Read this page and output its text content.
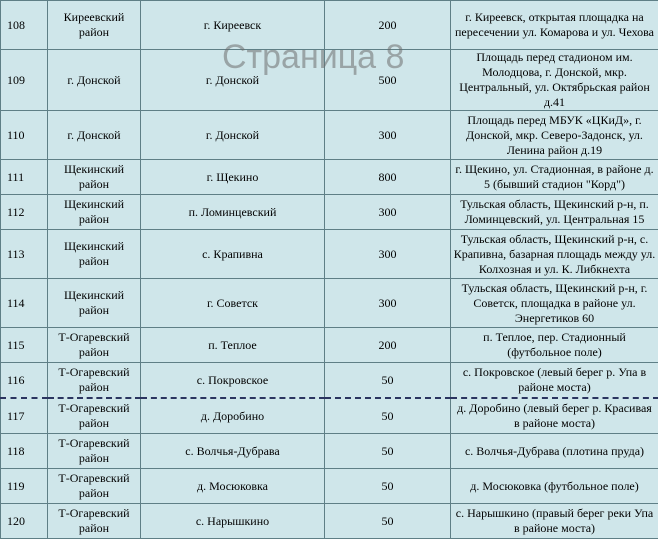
108	Киреевский район	г. Киреевск	200	г. Киреевск, открытая площадка на пересечении ул. Комарова и ул. Чехова
109	г. Донской	г. Донской	500	Площадь перед стадионом им. Молодцова, г. Донской, мкр. Центральный, ул. Октябрьская район д.41
110	г. Донской	г. Донской	300	Площадь перед МБУК «ЦКиД», г. Донской, мкр. Северо-Задонск, ул. Ленина район д.19
111	Щекинский район	г. Щекино	800	г. Щекино, ул. Стадионная, в районе д. 5 (бывший стадион "Корд")
112	Щекинский район	п. Ломинцевский	300	Тульская область, Щекинский р-н, п. Ломинцевский, ул. Центральная 15
113	Щекинский район	с. Крапивна	300	Тульская область, Щекинский р-н, с. Крапивна, базарная площадь между ул. Колхозная и ул. К. Либкнехта
114	Щекинский район	г. Советск	300	Тульская область, Щекинский р-н, г. Советск, площадка в районе ул. Энергетиков 60
115	Т-Огаревский район	п. Теплое	200	п. Теплое, пер. Стадионный (футбольное поле)
116	Т-Огаревский район	с. Покровское	50	с. Покровское (левый берег р. Упа в районе моста)
117	Т-Огаревский район	д. Доробино	50	д. Доробино (левый берег р. Красивая в районе моста)
118	Т-Огаревский район	с. Волчья-Дубрава	50	с. Волчья-Дубрава (плотина пруда)
119	Т-Огаревский район	д. Мосюковка	50	д. Мосюковка (футбольное поле)
120	Т-Огаревский район	с. Нарышкино	50	с. Нарышкино (правый берег реки Упа в районе моста)
Страница 8
